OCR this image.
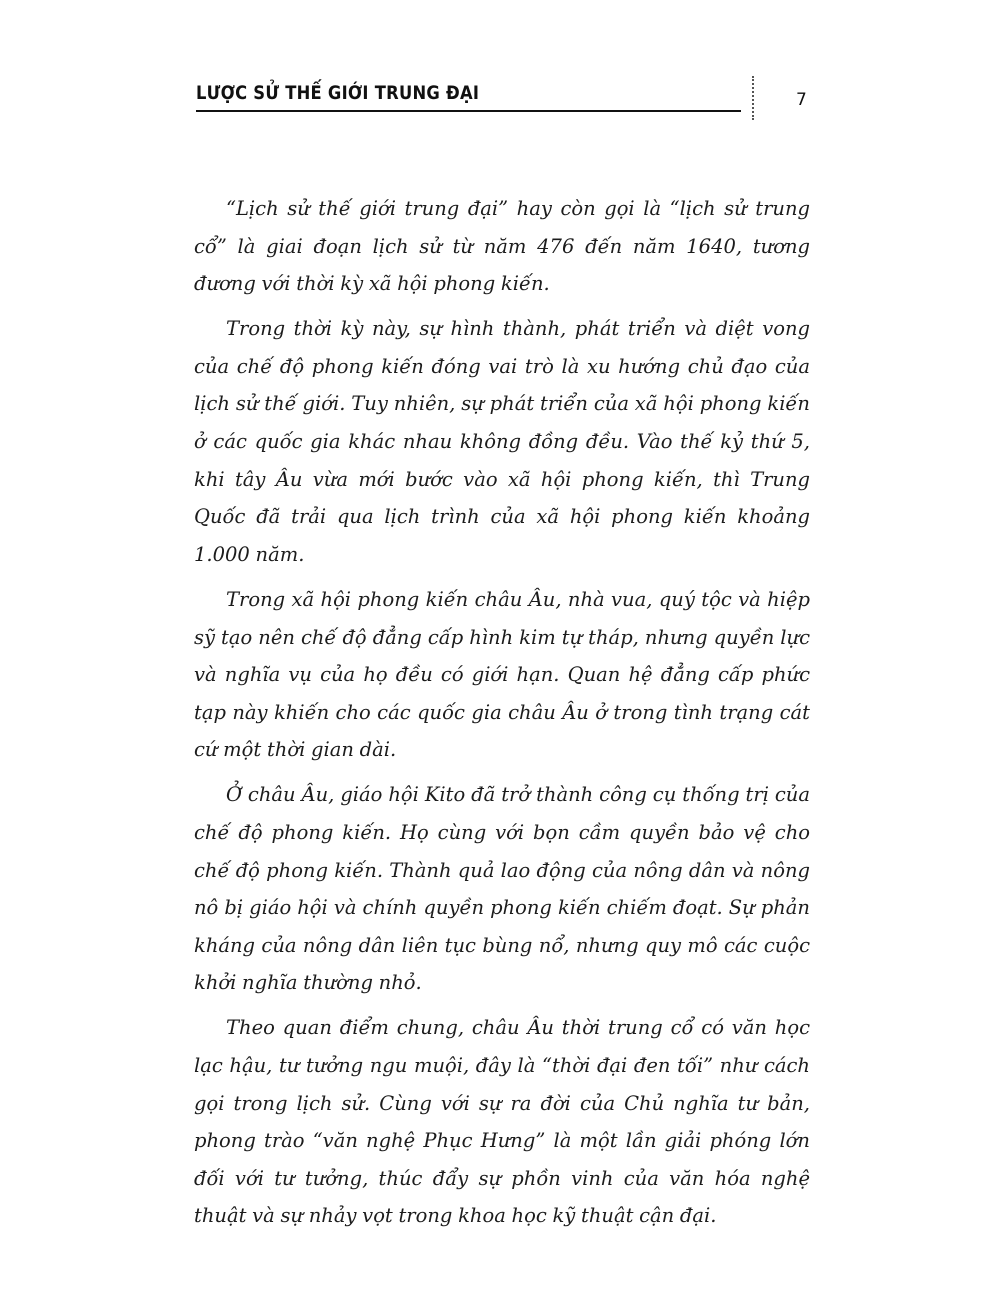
LƯỢC SỬ THẾ GIỚI TRUNG ĐẠI	7

“Lịch sử thế giới trung đại” hay còn gọi là “lịch sử trung cổ” là giai đoạn lịch sử từ năm 476 đến năm 1640, tương đương với thời kỳ xã hội phong kiến.

Trong thời kỳ này, sự hình thành, phát triển và diệt vong của chế độ phong kiến đóng vai trò là xu hướng chủ đạo của lịch sử thế giới. Tuy nhiên, sự phát triển của xã hội phong kiến ở các quốc gia khác nhau không đồng đều. Vào thế kỷ thứ 5, khi tây Âu vừa mới bước vào xã hội phong kiến, thì Trung Quốc đã trải qua lịch trình của xã hội phong kiến khoảng 1.000 năm.

Trong xã hội phong kiến châu Âu, nhà vua, quý tộc và hiệp sỹ tạo nên chế độ đẳng cấp hình kim tự tháp, nhưng quyền lực và nghĩa vụ của họ đều có giới hạn. Quan hệ đẳng cấp phức tạp này khiến cho các quốc gia châu Âu ở trong tình trạng cát cứ một thời gian dài.

Ở châu Âu, giáo hội Kito đã trở thành công cụ thống trị của chế độ phong kiến. Họ cùng với bọn cầm quyền bảo vệ cho chế độ phong kiến. Thành quả lao động của nông dân và nông nô bị giáo hội và chính quyền phong kiến chiếm đoạt. Sự phản kháng của nông dân liên tục bùng nổ, nhưng quy mô các cuộc khởi nghĩa thường nhỏ.

Theo quan điểm chung, châu Âu thời trung cổ có văn học lạc hậu, tư tưởng ngu muội, đây là “thời đại đen tối” như cách gọi trong lịch sử. Cùng với sự ra đời của Chủ nghĩa tư bản, phong trào “văn nghệ Phục Hưng” là một lần giải phóng lớn đối với tư tưởng, thúc đẩy sự phồn vinh của văn hóa nghệ thuật và sự nhảy vọt trong khoa học kỹ thuật cận đại.
